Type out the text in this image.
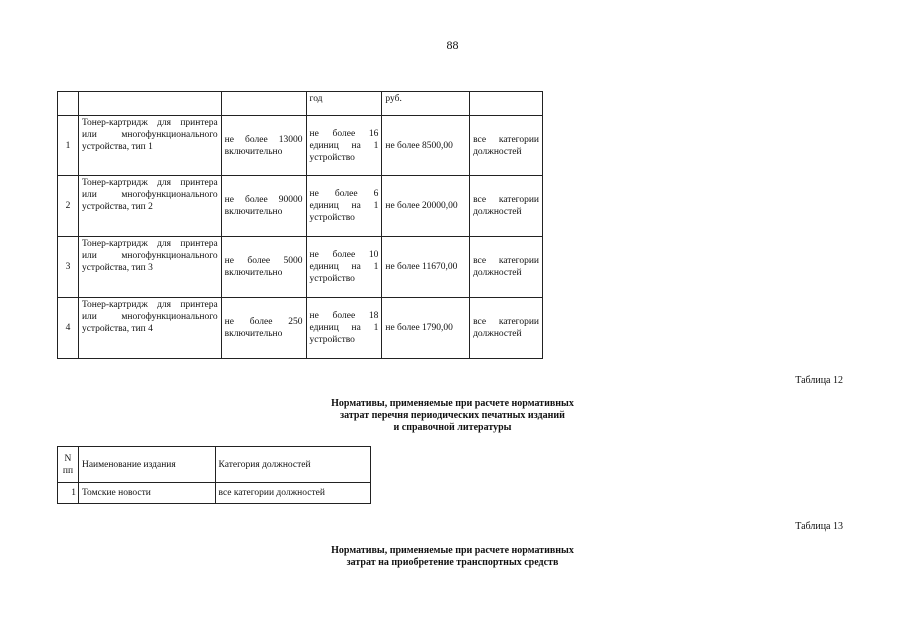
88
			год	руб.	
1	Тонер-картридж для принтера или многофункционального устройства, тип 1	не более 13000 включительно	не более 16 единиц на 1 устройство	не более 8500,00	все категории должностей
2	Тонер-картридж для принтера или многофункционального устройства, тип 2	не более 90000 включительно	не более 6 единиц на 1 устройство	не более 20000,00	все категории должностей
3	Тонер-картридж для принтера или многофункционального устройства, тип 3	не более 5000 включительно	не более 10 единиц на 1 устройство	не более 11670,00	все категории должностей
4	Тонер-картридж для принтера или многофункционального устройства, тип 4	не более 250 включительно	не более 18 единиц на 1 устройство	не более 1790,00	все категории должностей
Таблица 12
Нормативы, применяемые при расчете нормативных
затрат перечня периодических печатных изданий
и справочной литературы
N пп	Наименование издания	Категория должностей
1	Томские новости	все категории должностей
Таблица 13
Нормативы, применяемые при расчете нормативных
затрат на приобретение транспортных средств
